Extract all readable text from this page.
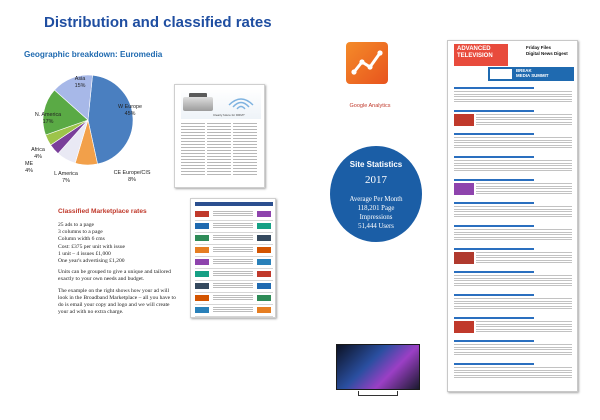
Distribution and classified rates
Geographic breakdown: Euromedia
W Europe
45%
CE Europe/CIS
8%
L America
7%
ME
4%
Africa
4%
N. America
17%
Asia
15%
Clearly future for DRM?
Google Analytics
Site Statistics
2017
Average Per Month
118,201 Page
Impressions
51,444 Users
Classified Marketplace rates

25 ads to a page
3 columns to a page
Column width 6 cms
Cost: £375 per unit with issue
1 unit – 4 issues £1,000
One year's advertising £1,200

Units can be grouped to give a unique and tailored exactly to your own needs and budget.

The example on the right shows how your ad will look in the Broadband Marketplace – all you have to do is email your copy and logo and we will create your ad with no extra charge.

ADVANCED
TELEVISION
Friday Files
Digital News Digest
BREAK
MEDIA SUMMIT
